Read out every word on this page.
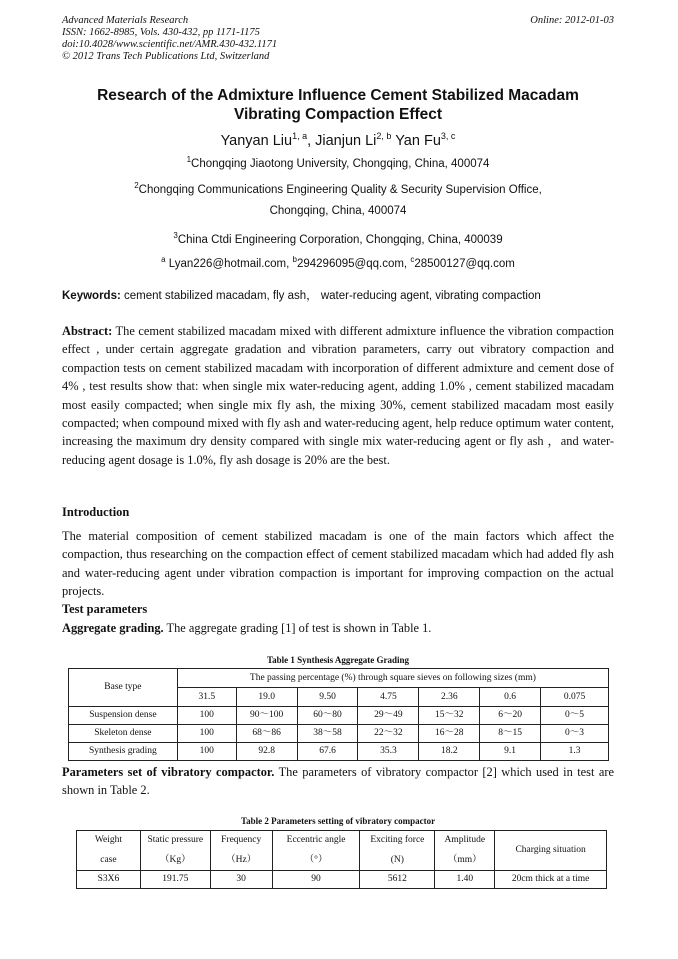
Advanced Materials Research
ISSN: 1662-8985, Vols. 430-432, pp 1171-1175
doi:10.4028/www.scientific.net/AMR.430-432.1171
© 2012 Trans Tech Publications Ltd, Switzerland
Online: 2012-01-03
Research of the Admixture Influence Cement Stabilized Macadam
Vibrating Compaction Effect
Yanyan Liu$^{1, a}$, Jianjun Li$^{2, b}$ Yan Fu$^{3, c}$
$^1$Chongqing Jiaotong University, Chongqing, China, 400074
$^2$Chongqing Communications Engineering Quality & Security Supervision Office,
Chongqing, China, 400074
$^3$China Ctdi Engineering Corporation, Chongqing, China, 400039
$^a$ Lyan226@hotmail.com, $^b$294296095@qq.com, $^c$28500127@qq.com
Keywords: cement stabilized macadam, fly ash， water-reducing agent, vibrating compaction
Abstract: The cement stabilized macadam mixed with different admixture influence the vibration compaction effect , under certain aggregate gradation and vibration parameters, carry out vibratory compaction and compaction tests on cement stabilized macadam with incorporation of different admixture and cement dose of 4% , test results show that: when single mix water-reducing agent, adding 1.0% , cement stabilized macadam most easily compacted; when single mix fly ash, the mixing 30%, cement stabilized macadam most easily compacted; when compound mixed with fly ash and water-reducing agent, help reduce optimum water content, increasing the maximum dry density compared with single mix water-reducing agent or fly ash ，and water-reducing agent dosage is 1.0%, fly ash dosage is 20% are the best.
Introduction
The material composition of cement stabilized macadam is one of the main factors which affect the compaction, thus researching on the compaction effect of cement stabilized macadam which had added fly ash and water-reducing agent under vibration compaction is important for improving compaction on the actual projects.
Test parameters
Aggregate grading. The aggregate grading [1] of test is shown in Table 1.
Table 1 Synthesis Aggregate Grading
Base type	The passing percentage (%) through square sieves on following sizes (mm)						
	31.5	19.0	9.50	4.75	2.36	0.6	0.075
Suspension dense	100	90～100	60～80	29～49	15～32	6～20	0～5
Skeleton dense	100	68～86	38～58	22～32	16～28	8～15	0～3
Synthesis grading	100	92.8	67.6	35.3	18.2	9.1	1.3
Parameters set of vibratory compactor. The parameters of vibratory compactor [2] which used in test are shown in Table 2.
Table 2 Parameters setting of vibratory compactor
Weight	Static pressure	Frequency	Eccentric angle	Exciting force	Amplitude	Charging situation
case	（Kg）	（Hz）	（°）	(N)	（mm）	
S3X6	191.75	30	90	5612	1.40	20cm thick at a time
